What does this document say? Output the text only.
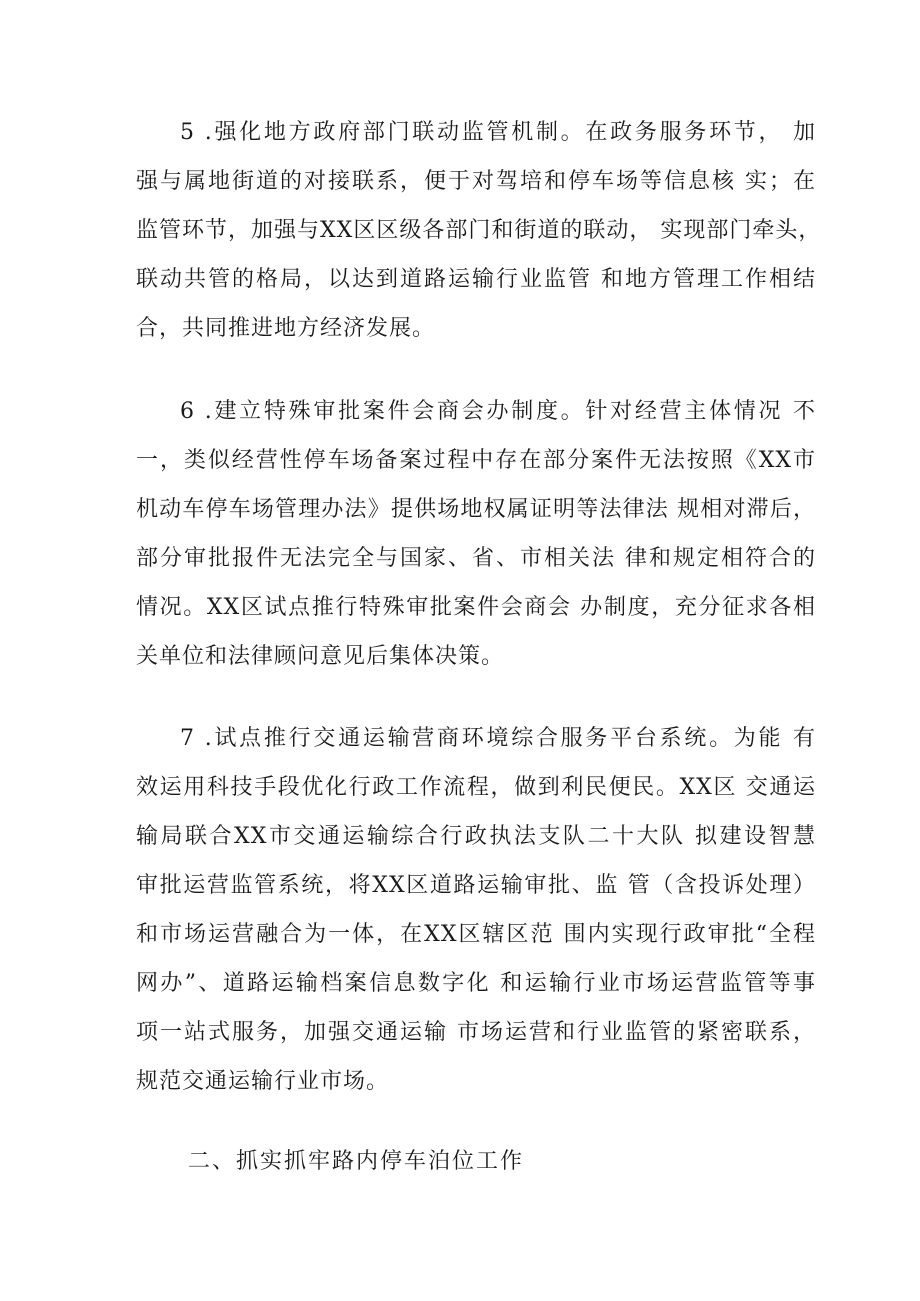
5 .强化地方政府部门联动监管机制。在政务服务环节， 加
强与属地街道的对接联系，便于对驾培和停车场等信息核 实；在
监管环节，加强与XX区区级各部门和街道的联动， 实现部门牵头，
联动共管的格局，以达到道路运输行业监管 和地方管理工作相结
合，共同推进地方经济发展。
6 .建立特殊审批案件会商会办制度。针对经营主体情况 不
一，类似经营性停车场备案过程中存在部分案件无法按照《XX市
机动车停车场管理办法》提供场地权属证明等法律法 规相对滞后，
部分审批报件无法完全与国家、省、市相关法 律和规定相符合的
情况。XX区试点推行特殊审批案件会商会 办制度，充分征求各相
关单位和法律顾问意见后集体决策。
7 .试点推行交通运输营商环境综合服务平台系统。为能 有
效运用科技手段优化行政工作流程，做到利民便民。XX区 交通运
输局联合XX市交通运输综合行政执法支队二十大队 拟建设智慧
审批运营监管系统，将XX区道路运输审批、监 管（含投诉处理）
和市场运营融合为一体，在XX区辖区范 围内实现行政审批“全程
网办”、道路运输档案信息数字化 和运输行业市场运营监管等事
项一站式服务，加强交通运输 市场运营和行业监管的紧密联系，
规范交通运输行业市场。
二、抓实抓牢路内停车泊位工作
